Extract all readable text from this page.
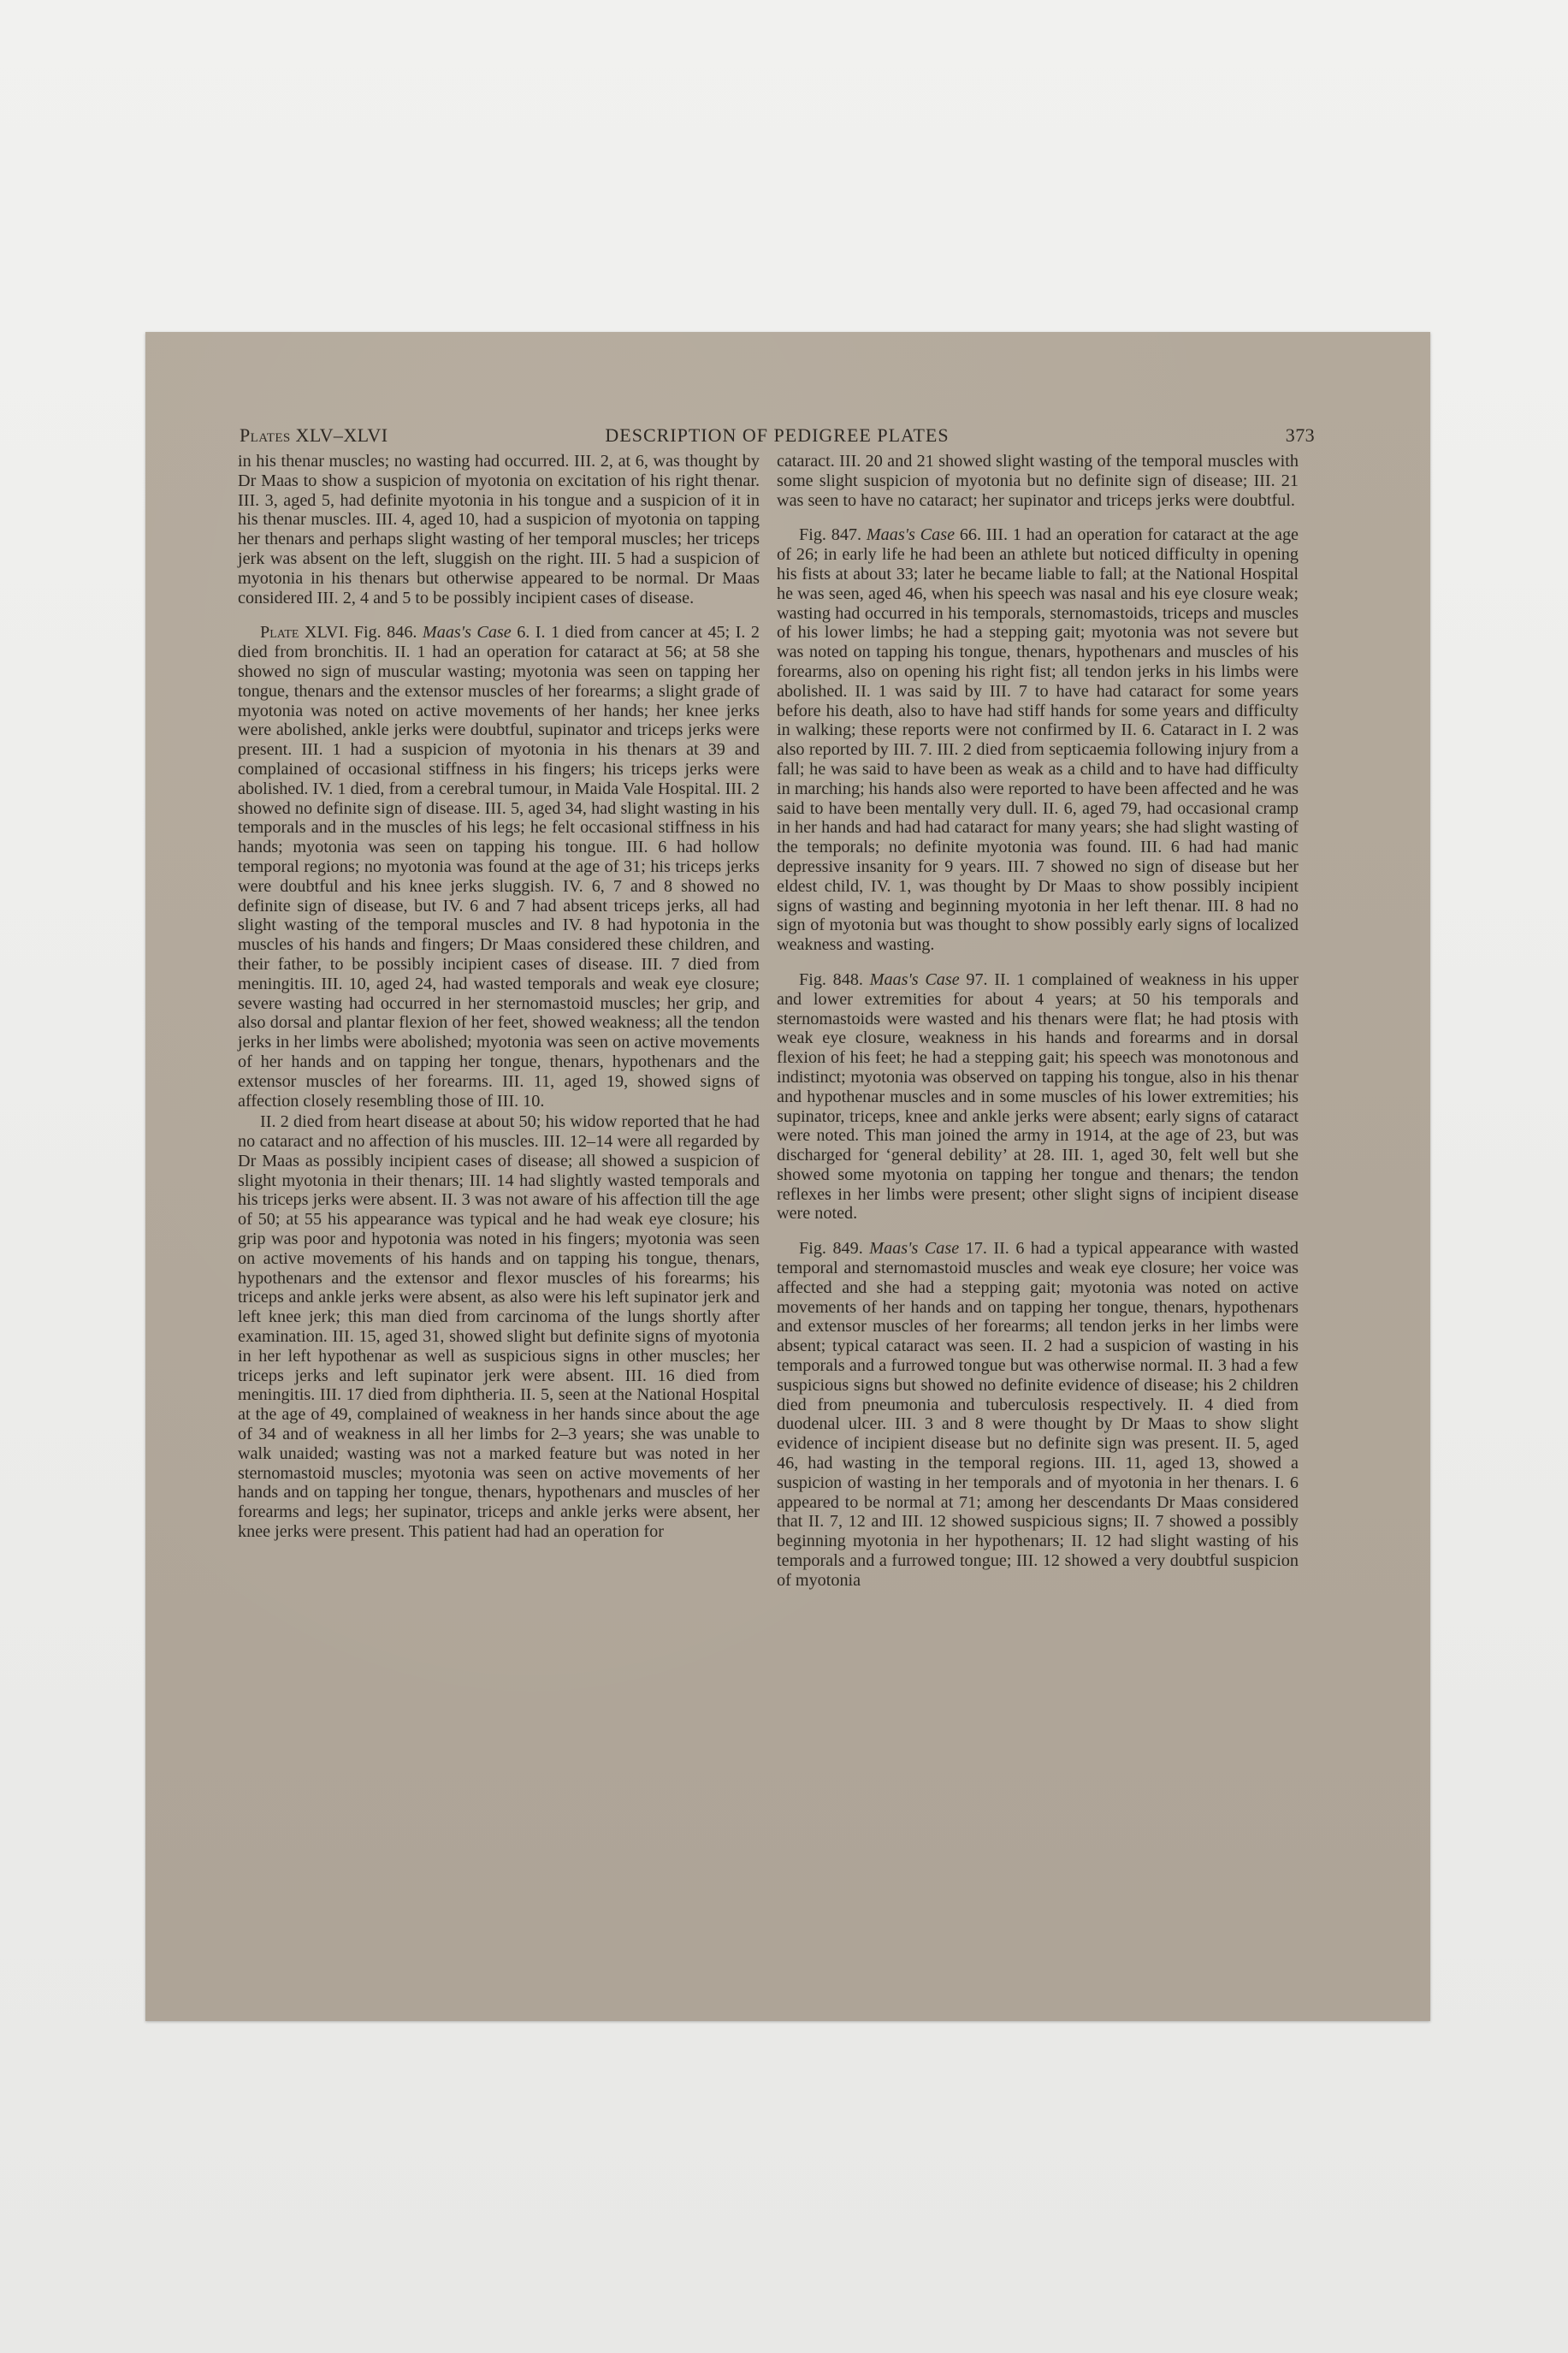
Plates XLV–XLVI	DESCRIPTION OF PEDIGREE PLATES	373

in his thenar muscles; no wasting had occurred. III. 2, at 6, was thought by Dr Maas to show a suspicion of myotonia on excitation of his right thenar. III. 3, aged 5, had definite myotonia in his tongue and a suspicion of it in his thenar muscles. III. 4, aged 10, had a suspicion of myotonia on tapping her thenars and perhaps slight wasting of her temporal muscles; her triceps jerk was absent on the left, sluggish on the right. III. 5 had a suspicion of myotonia in his thenars but otherwise appeared to be normal. Dr Maas considered III. 2, 4 and 5 to be possibly incipient cases of disease.

Plate XLVI. Fig. 846. Maas's Case 6. I. 1 died from cancer at 45; I. 2 died from bronchitis. II. 1 had an operation for cataract at 56; at 58 she showed no sign of muscular wasting; myotonia was seen on tapping her tongue, thenars and the extensor muscles of her forearms; a slight grade of myotonia was noted on active movements of her hands; her knee jerks were abolished, ankle jerks were doubtful, supinator and triceps jerks were present. III. 1 had a suspicion of myotonia in his thenars at 39 and complained of occasional stiffness in his fingers; his triceps jerks were abolished. IV. 1 died, from a cerebral tumour, in Maida Vale Hospital. III. 2 showed no definite sign of disease. III. 5, aged 34, had slight wasting in his temporals and in the muscles of his legs; he felt occasional stiffness in his hands; myotonia was seen on tapping his tongue. III. 6 had hollow temporal regions; no myotonia was found at the age of 31; his triceps jerks were doubtful and his knee jerks sluggish. IV. 6, 7 and 8 showed no definite sign of disease, but IV. 6 and 7 had absent triceps jerks, all had slight wasting of the temporal muscles and IV. 8 had hypotonia in the muscles of his hands and fingers; Dr Maas considered these children, and their father, to be possibly incipient cases of disease. III. 7 died from meningitis. III. 10, aged 24, had wasted temporals and weak eye closure; severe wasting had occurred in her sternomastoid muscles; her grip, and also dorsal and plantar flexion of her feet, showed weakness; all the tendon jerks in her limbs were abolished; myotonia was seen on active movements of her hands and on tapping her tongue, thenars, hypothenars and the extensor muscles of her forearms. III. 11, aged 19, showed signs of affection closely resembling those of III. 10.

II. 2 died from heart disease at about 50; his widow reported that he had no cataract and no affection of his muscles. III. 12–14 were all regarded by Dr Maas as possibly incipient cases of disease; all showed a suspicion of slight myotonia in their thenars; III. 14 had slightly wasted temporals and his triceps jerks were absent. II. 3 was not aware of his affection till the age of 50; at 55 his appearance was typical and he had weak eye closure; his grip was poor and hypotonia was noted in his fingers; myotonia was seen on active movements of his hands and on tapping his tongue, thenars, hypothenars and the extensor and flexor muscles of his forearms; his triceps and ankle jerks were absent, as also were his left supinator jerk and left knee jerk; this man died from carcinoma of the lungs shortly after examination. III. 15, aged 31, showed slight but definite signs of myotonia in her left hypothenar as well as suspicious signs in other muscles; her triceps jerks and left supinator jerk were absent. III. 16 died from meningitis. III. 17 died from diphtheria. II. 5, seen at the National Hospital at the age of 49, complained of weakness in her hands since about the age of 34 and of weakness in all her limbs for 2–3 years; she was unable to walk unaided; wasting was not a marked feature but was noted in her sternomastoid muscles; myotonia was seen on active movements of her hands and on tapping her tongue, thenars, hypothenars and muscles of her forearms and legs; her supinator, triceps and ankle jerks were absent, her knee jerks were present. This patient had had an operation for

cataract. III. 20 and 21 showed slight wasting of the temporal muscles with some slight suspicion of myotonia but no definite sign of disease; III. 21 was seen to have no cataract; her supinator and triceps jerks were doubtful.

Fig. 847. Maas's Case 66. III. 1 had an operation for cataract at the age of 26; in early life he had been an athlete but noticed difficulty in opening his fists at about 33; later he became liable to fall; at the National Hospital he was seen, aged 46, when his speech was nasal and his eye closure weak; wasting had occurred in his temporals, sternomastoids, triceps and muscles of his lower limbs; he had a stepping gait; myotonia was not severe but was noted on tapping his tongue, thenars, hypothenars and muscles of his forearms, also on opening his right fist; all tendon jerks in his limbs were abolished. II. 1 was said by III. 7 to have had cataract for some years before his death, also to have had stiff hands for some years and difficulty in walking; these reports were not confirmed by II. 6. Cataract in I. 2 was also reported by III. 7. III. 2 died from septicaemia following injury from a fall; he was said to have been as weak as a child and to have had difficulty in marching; his hands also were reported to have been affected and he was said to have been mentally very dull. II. 6, aged 79, had occasional cramp in her hands and had had cataract for many years; she had slight wasting of the temporals; no definite myotonia was found. III. 6 had had manic depressive insanity for 9 years. III. 7 showed no sign of disease but her eldest child, IV. 1, was thought by Dr Maas to show possibly incipient signs of wasting and beginning myotonia in her left thenar. III. 8 had no sign of myotonia but was thought to show possibly early signs of localized weakness and wasting.

Fig. 848. Maas's Case 97. II. 1 complained of weakness in his upper and lower extremities for about 4 years; at 50 his temporals and sternomastoids were wasted and his thenars were flat; he had ptosis with weak eye closure, weakness in his hands and forearms and in dorsal flexion of his feet; he had a stepping gait; his speech was monotonous and indistinct; myotonia was observed on tapping his tongue, also in his thenar and hypothenar muscles and in some muscles of his lower extremities; his supinator, triceps, knee and ankle jerks were absent; early signs of cataract were noted. This man joined the army in 1914, at the age of 23, but was discharged for ‘general debility’ at 28. III. 1, aged 30, felt well but she showed some myotonia on tapping her tongue and thenars; the tendon reflexes in her limbs were present; other slight signs of incipient disease were noted.

Fig. 849. Maas's Case 17. II. 6 had a typical appearance with wasted temporal and sternomastoid muscles and weak eye closure; her voice was affected and she had a stepping gait; myotonia was noted on active movements of her hands and on tapping her tongue, thenars, hypothenars and extensor muscles of her forearms; all tendon jerks in her limbs were absent; typical cataract was seen. II. 2 had a suspicion of wasting in his temporals and a furrowed tongue but was otherwise normal. II. 3 had a few suspicious signs but showed no definite evidence of disease; his 2 children died from pneumonia and tuberculosis respectively. II. 4 died from duodenal ulcer. III. 3 and 8 were thought by Dr Maas to show slight evidence of incipient disease but no definite sign was present. II. 5, aged 46, had wasting in the temporal regions. III. 11, aged 13, showed a suspicion of wasting in her temporals and of myotonia in her thenars. I. 6 appeared to be normal at 71; among her descendants Dr Maas considered that II. 7, 12 and III. 12 showed suspicious signs; II. 7 showed a possibly beginning myotonia in her hypothenars; II. 12 had slight wasting of his temporals and a furrowed tongue; III. 12 showed a very doubtful suspicion of myotonia
